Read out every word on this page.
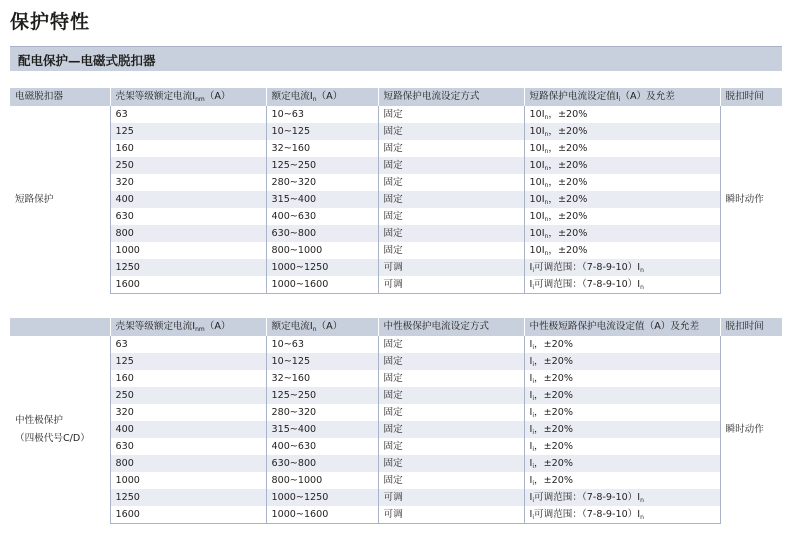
保护特性
配电保护—电磁式脱扣器
电磁脱扣器	壳架等级额定电流$I_{nm}(A)$	额定电流$I_n(A)$	短路保护电流设定方式	短路保护电流设定值$I_i(A)$及允差	脱扣时间

短路保护	63	10~63	固定	$10I_n$，±20%	瞬时动作
	125	10~125	固定	$10I_n$，±20%	
	160	32~160	固定	$10I_n$，±20%	
	250	125~250	固定	$10I_n$，±20%	
	320	280~320	固定	$10I_n$，±20%	
	400	315~400	固定	$10I_n$，±20%	
	630	400~630	固定	$10I_n$，±20%	
	800	630~800	固定	$10I_n$，±20%	
	1000	800~1000	固定	$10I_n$，±20%	
	1250	1000~1250	可调	$I_i$可调范围：$(7-8-9-10)I_n$
	1600	1000~1600	可调	$I_i$可调范围：$(7-8-9-10)I_n$
	壳架等级额定电流$I_{nm}(A)$	额定电流$I_n(A)$	中性极保护电流设定方式	中性极短路保护电流设定值（A）及允差	脱扣时间

中性极保护
（四极代号C/D）	63	10~63	固定	$I_i$，±20%	瞬时动作
	125	10~125	固定	$I_i$，±20%	
	160	32~160	固定	$I_i$，±20%	
	250	125~250	固定	$I_i$，±20%	
	320	280~320	固定	$I_i$，±20%	
	400	315~400	固定	$I_i$，±20%	
	630	400~630	固定	$I_i$，±20%	
	800	630~800	固定	$I_i$，±20%	
	1000	800~1000	固定	$I_i$，±20%	
	1250	1000~1250	可调	$I_i$可调范围：$(7-8-9-10)I_n$
	1600	1000~1600	可调	$I_i$可调范围：$(7-8-9-10)I_n$
